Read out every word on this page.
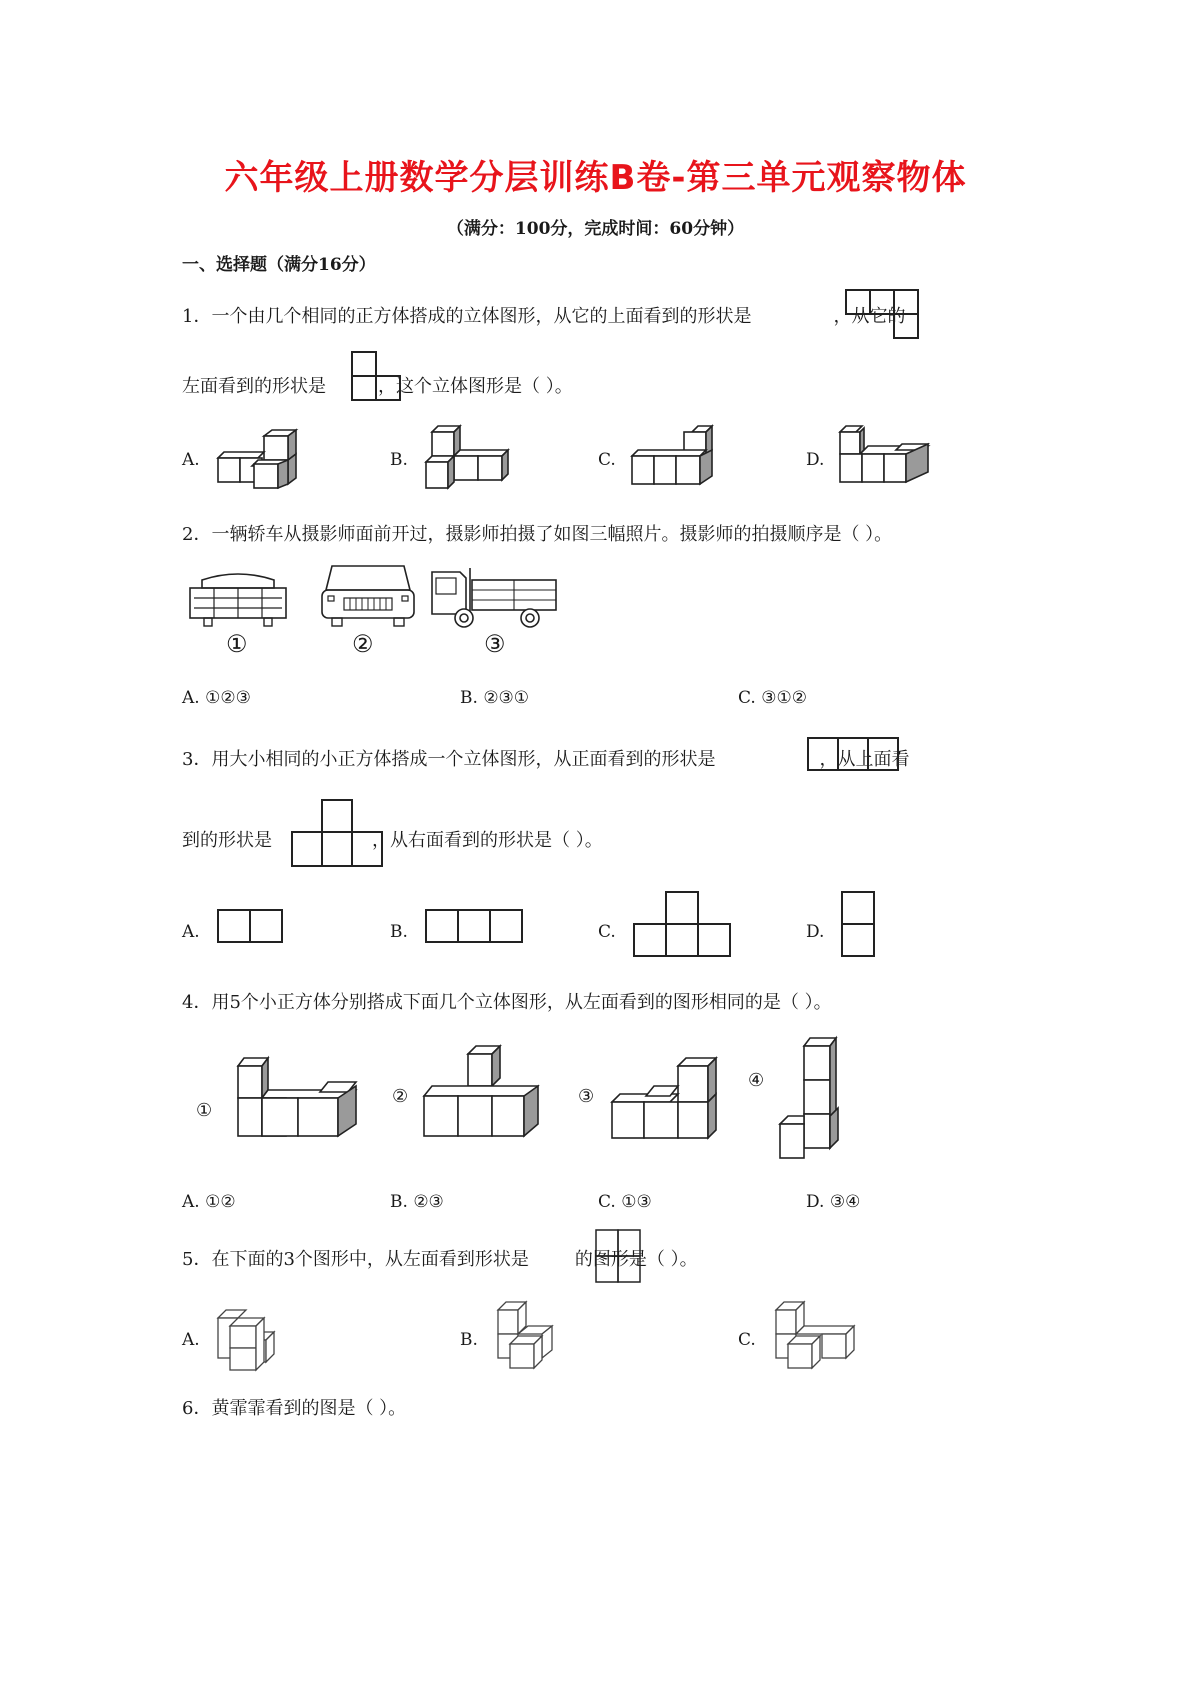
六年级上册数学分层训练B卷-第三单元观察物体
（满分：100分，完成时间：60分钟）
一、选择题（满分16分）
1．一个由几个相同的正方体搭成的立体图形，从它的上面看到的形状是	，从它的
左面看到的形状是	，这个立体图形是（ ）。
A.	B.	C.	D.
2．一辆轿车从摄影师面前开过，摄影师拍摄了如图三幅照片。摄影师的拍摄顺序是（ ）。
①	②	③
A. ①②③	B. ②③①	C. ③①②
3．用大小相同的小正方体搭成一个立体图形，从正面看到的形状是	，从上面看
到的形状是	，从右面看到的形状是（ ）。
A.	B.	C.	D.
4．用5个小正方体分别搭成下面几个立体图形，从左面看到的图形相同的是（ ）。
①
②	③
④
A. ①②	B. ②③	C. ①③	D. ③④
5．在下面的3个图形中，从左面看到形状是	的图形是（ ）。
A.	B.	C.
6．黄霏霏看到的图是（ ）。
